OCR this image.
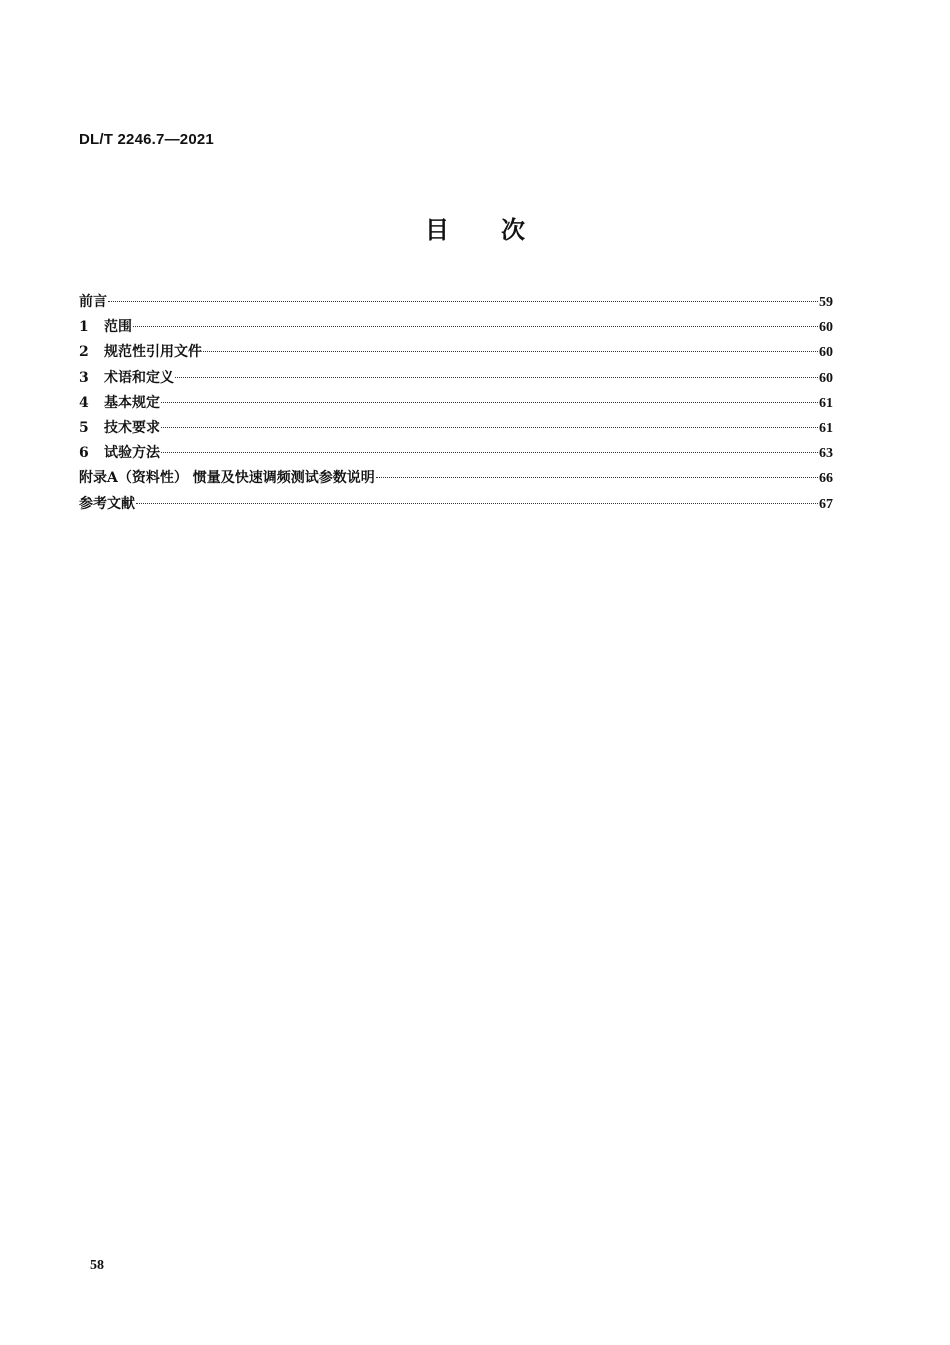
DL/T 2246.7—2021
目 次
前言	59
1	范围	60
2	规范性引用文件	60
3	术语和定义	60
4	基本规定	61
5	技术要求	61
6	试验方法	63
附录A（资料性） 惯量及快速调频测试参数说明	66
参考文献	67
58
